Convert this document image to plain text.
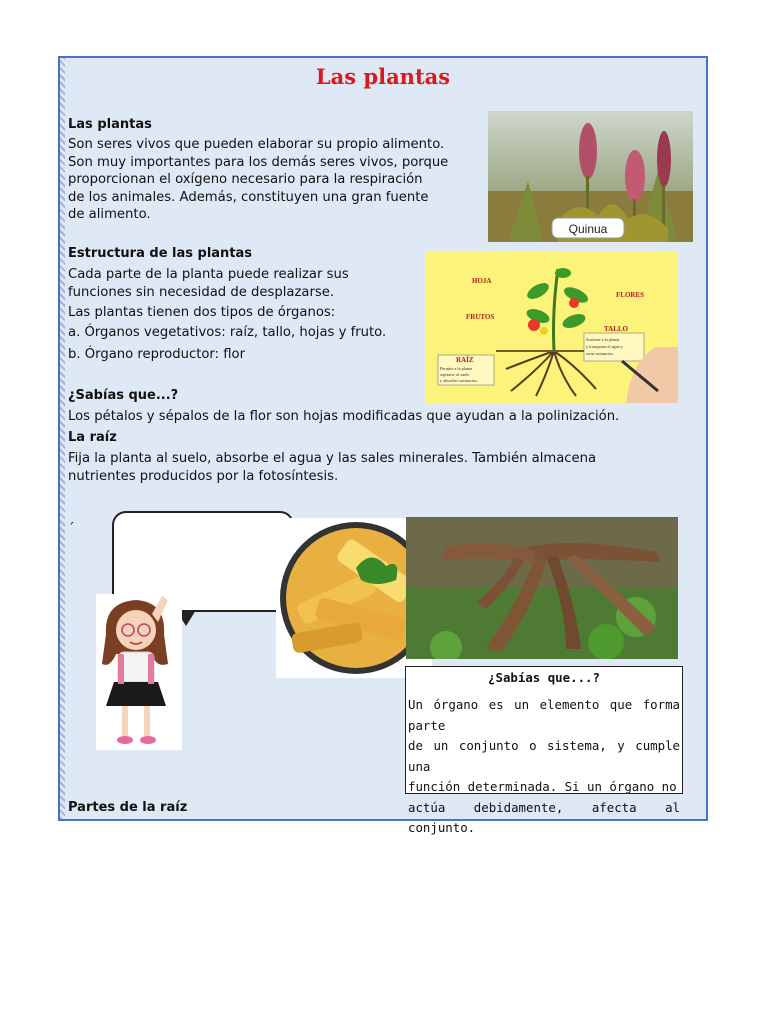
Las plantas
Las plantas
Son seres vivos que pueden elaborar su propio alimento.
Son muy importantes para los demás seres vivos, porque
proporcionan el oxígeno necesario para la respiración
de los animales. Además, constituyen una gran fuente
de alimento.
Quinua
Estructura de las plantas
Cada parte de la planta puede realizar sus
funciones sin necesidad de desplazarse.
Las plantas tienen dos tipos de órganos:
a. Órganos vegetativos: raíz, tallo, hojas y fruto.
b. Órgano reproductor: flor
HOJA
FLORES
FRUTOS
TALLO
Sostiene a la planta
y transporta el agua y
otras sustancias.
RAÍZ
Permite a la planta
sujetarse al suelo
y absorber sustancias.
¿Sabías que...?
Los pétalos y sépalos de la flor son hojas modificadas que ayudan a la polinización.
La raíz
Fija la planta al suelo, absorbe el agua y las sales minerales. También almacena
nutrientes producidos por la fotosíntesis.
´
¿Sabías que...?
Un órgano es un elemento que forma parte
de un conjunto o sistema, y cumple una
función determinada. Si un órgano no
actúa debidamente, afecta al conjunto.
Partes de la raíz
